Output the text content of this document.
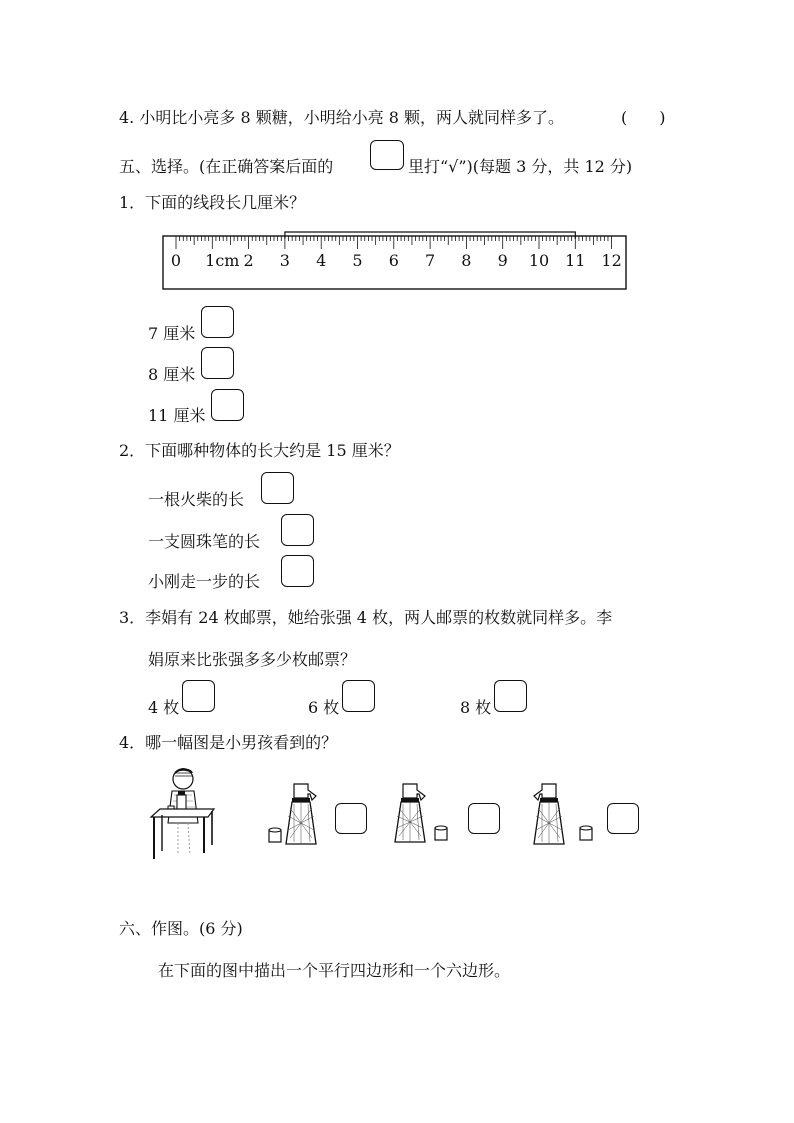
4. 小明比小亮多 8 颗糖，小明给小亮 8 颗，两人就同样多了。	(　　)
五、选择。(在正确答案后面的	里打“√”)(每题 3 分，共 12 分)
1．下面的线段长几厘米？
0 1cm 2 3 4 5 6 7 8 9 10 11 12
7 厘米
8 厘米
11 厘米
2．下面哪种物体的长大约是 15 厘米？
一根火柴的长
一支圆珠笔的长
小刚走一步的长
3．李娟有 24 枚邮票，她给张强 4 枚，两人邮票的枚数就同样多。李
娟原来比张强多多少枚邮票？
4 枚	6 枚	8 枚
4．哪一幅图是小男孩看到的？
六、作图。(6 分)
在下面的图中描出一个平行四边形和一个六边形。
